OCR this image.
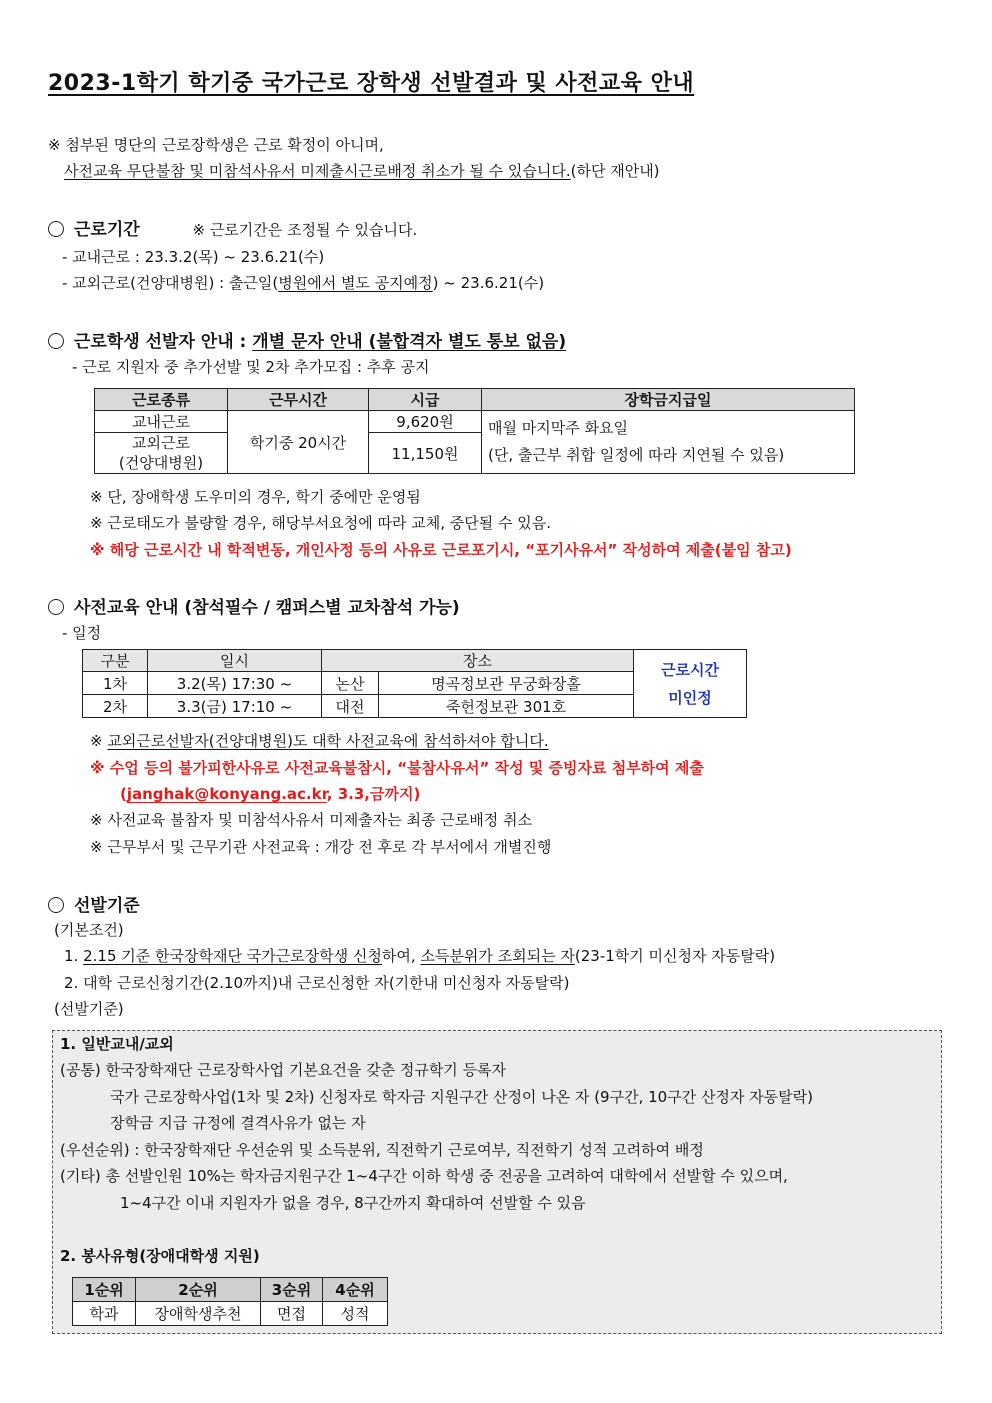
2023-1학기 학기중 국가근로 장학생 선발결과 및 사전교육 안내
※ 첨부된 명단의 근로장학생은 근로 확정이 아니며,
사전교육 무단불참 및 미참석사유서 미제출시근로배정 취소가 될 수 있습니다.(하단 재안내)
근로기간	※ 근로기간은 조정될 수 있습니다.
- 교내근로 : 23.3.2(목) ~ 23.6.21(수)
- 교외근로(건양대병원) : 출근일(병원에서 별도 공지예정) ~ 23.6.21(수)
근로학생 선발자 안내 : 개별 문자 안내 (불합격자 별도 통보 없음)
- 근로 지원자 중 추가선발 및 2차 추가모집 : 추후 공지
근로종류	근무시간	시급	장학금지급일
교내근로	학기중 20시간	9,620원	매월 마지막주 화요일
(단, 출근부 취합 일정에 따라 지연될 수 있음)

교외근로
(건양대병원)		11,150원	
※ 단, 장애학생 도우미의 경우, 학기 중에만 운영됨
※ 근로태도가 불량할 경우, 해당부서요청에 따라 교체, 중단될 수 있음.
※ 해당 근로시간 내 학적변동, 개인사정 등의 사유로 근로포기시, “포기사유서” 작성하여 제출(붙임 참고)
사전교육 안내 (참석필수 / 캠퍼스별 교차참석 가능)
- 일정
구분	일시	장소		근로시간
미인정

1차	3.2(목) 17:30 ~	논산	명곡정보관 무궁화장홀	
2차	3.3(금) 17:10 ~	대전	죽헌정보관 301호	
※ 교외근로선발자(건양대병원)도 대학 사전교육에 참석하셔야 합니다.
※ 수업 등의 불가피한사유로 사전교육불참시, “불참사유서” 작성 및 증빙자료 첨부하여 제출
(janghak@konyang.ac.kr, 3.3,금까지)
※ 사전교육 불참자 및 미참석사유서 미제출자는 최종 근로배정 취소
※ 근무부서 및 근무기관 사전교육 : 개강 전 후로 각 부서에서 개별진행
선발기준
(기본조건)
1. 2.15 기준 한국장학재단 국가근로장학생 신청하여, 소득분위가 조회되는 자(23-1학기 미신청자 자동탈락)
2. 대학 근로신청기간(2.10까지)내 근로신청한 자(기한내 미신청자 자동탈락)
(선발기준)
1. 일반교내/교외
(공통) 한국장학재단 근로장학사업 기본요건을 갖춘 정규학기 등록자
국가 근로장학사업(1차 및 2차) 신청자로 학자금 지원구간 산정이 나온 자 (9구간, 10구간 산정자 자동탈락)
장학금 지급 규정에 결격사유가 없는 자
(우선순위) : 한국장학재단 우선순위 및 소득분위, 직전학기 근로여부, 직전학기 성적 고려하여 배정
(기타) 총 선발인원 10%는 학자금지원구간 1~4구간 이하 학생 중 전공을 고려하여 대학에서 선발할 수 있으며,
1~4구간 이내 지원자가 없을 경우, 8구간까지 확대하여 선발할 수 있음
2. 봉사유형(장애대학생 지원)
1순위	2순위	3순위	4순위
학과	장애학생추천	면접	성적
